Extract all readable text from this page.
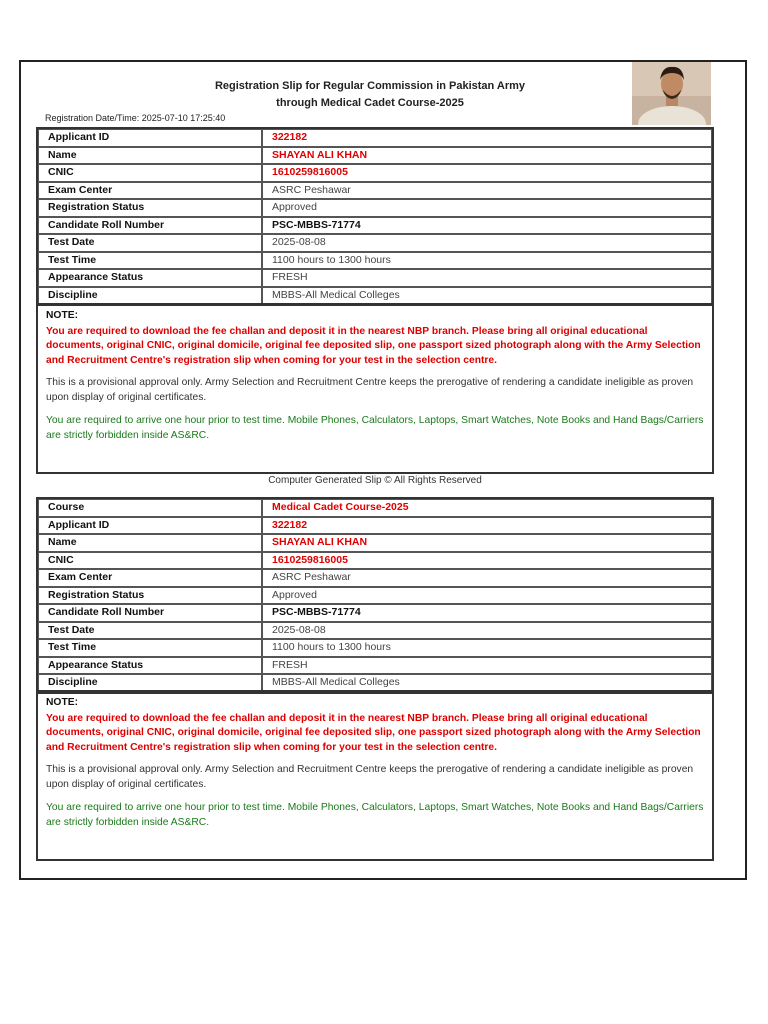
Registration Slip for Regular Commission in Pakistan Army
through Medical Cadet Course-2025
Registration Date/Time: 2025-07-10 17:25:40
Applicant ID	322182
Name	SHAYAN ALI KHAN
CNIC	1610259816005
Exam Center	ASRC Peshawar
Registration Status	Approved
Candidate Roll Number	PSC-MBBS-71774
Test Date	2025-08-08
Test Time	1100 hours to 1300 hours
Appearance Status	FRESH
Discipline	MBBS-All Medical Colleges
NOTE:
You are required to download the fee challan and deposit it in the nearest NBP branch. Please bring all original educational documents, original CNIC, original domicile, original fee deposited slip, one passport sized photograph along with the Army Selection and Recruitment Centre's registration slip when coming for your test in the selection centre.
This is a provisional approval only. Army Selection and Recruitment Centre keeps the prerogative of rendering a candidate ineligible as proven upon display of original certificates.
You are required to arrive one hour prior to test time. Mobile Phones, Calculators, Laptops, Smart Watches, Note Books and Hand Bags/Carriers are strictly forbidden inside AS&RC.
Computer Generated Slip © All Rights Reserved
Course	Medical Cadet Course-2025
Applicant ID	322182
Name	SHAYAN ALI KHAN
CNIC	1610259816005
Exam Center	ASRC Peshawar
Registration Status	Approved
Candidate Roll Number	PSC-MBBS-71774
Test Date	2025-08-08
Test Time	1100 hours to 1300 hours
Appearance Status	FRESH
Discipline	MBBS-All Medical Colleges
NOTE:
You are required to download the fee challan and deposit it in the nearest NBP branch. Please bring all original educational documents, original CNIC, original domicile, original fee deposited slip, one passport sized photograph along with the Army Selection and Recruitment Centre's registration slip when coming for your test in the selection centre.
This is a provisional approval only. Army Selection and Recruitment Centre keeps the prerogative of rendering a candidate ineligible as proven upon display of original certificates.
You are required to arrive one hour prior to test time. Mobile Phones, Calculators, Laptops, Smart Watches, Note Books and Hand Bags/Carriers are strictly forbidden inside AS&RC.
